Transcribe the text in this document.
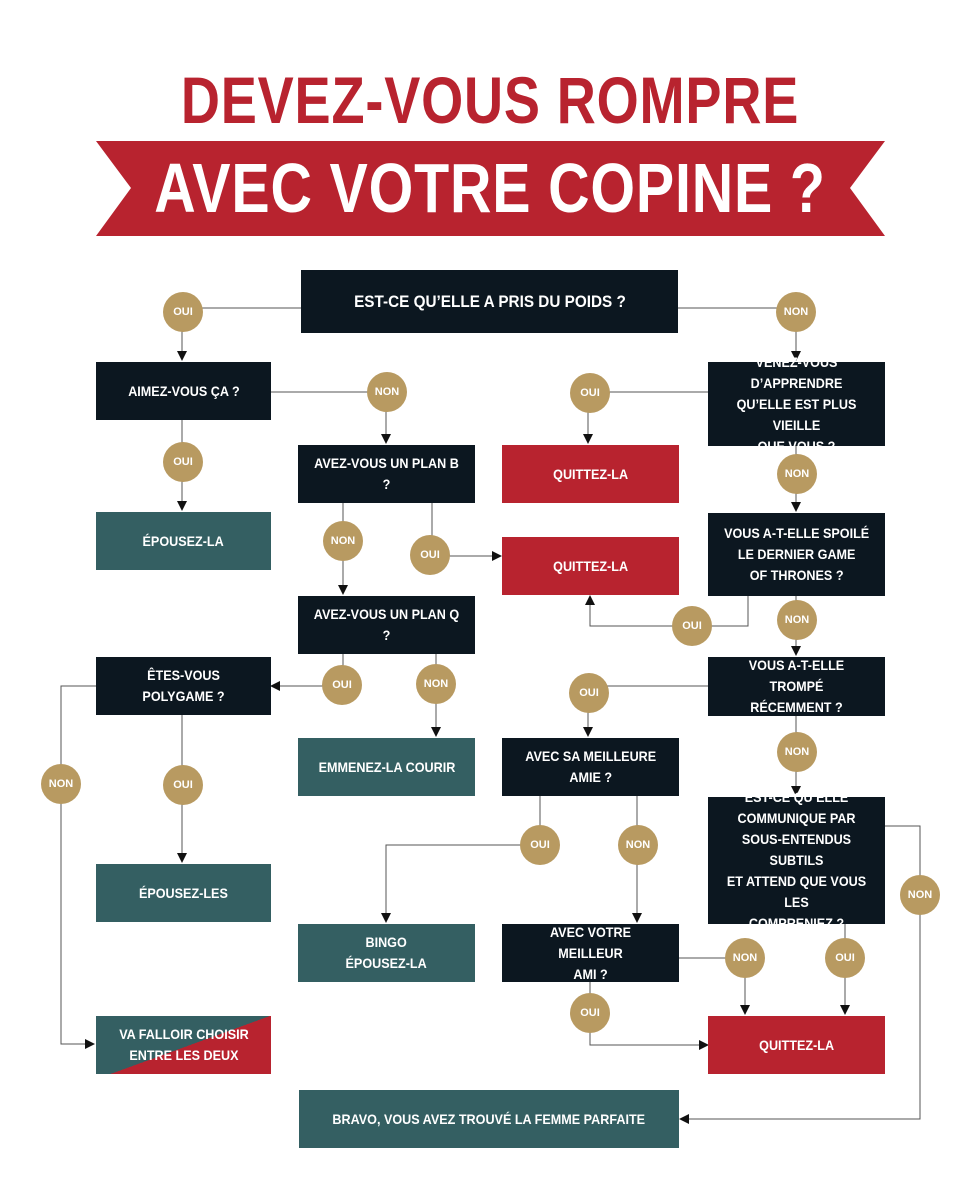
DEVEZ-VOUS ROMPRE
AVEC VOTRE COPINE ?
EST-CE QU’ELLE A PRIS DU POIDS ?
AIMEZ-VOUS ÇA ?
VENEZ-VOUS D’APPRENDRE
QU’ELLE EST PLUS VIEILLE
QUE VOUS ?
AVEZ-VOUS UN PLAN B ?
QUITTEZ-LA
ÉPOUSEZ-LA
QUITTEZ-LA
VOUS A-T-ELLE SPOILÉ
LE DERNIER GAME
OF THRONES ?
AVEZ-VOUS UN PLAN Q ?
ÊTES-VOUS POLYGAME ?
VOUS A-T-ELLE TROMPÉ
RÉCEMMENT ?
EMMENEZ-LA COURIR
AVEC SA MEILLEURE
AMIE ?
EST-CE QU’ELLE
COMMUNIQUE PAR
SOUS-ENTENDUS SUBTILS
ET ATTEND QUE VOUS LES
COMPRENIEZ ?
ÉPOUSEZ-LES
BINGO
ÉPOUSEZ-LA
AVEC VOTRE MEILLEUR
AMI ?
VA FALLOIR CHOISIR
ENTRE LES DEUX
QUITTEZ-LA
BRAVO, VOUS AVEZ TROUVÉ LA FEMME PARFAITE
OUI	NON
NON	OUI
OUI
NON
NON
OUI
NON
OUI
OUI	NON
OUI
NON
NON	OUI
OUI	NON
NON
OUI
NON
OUI
